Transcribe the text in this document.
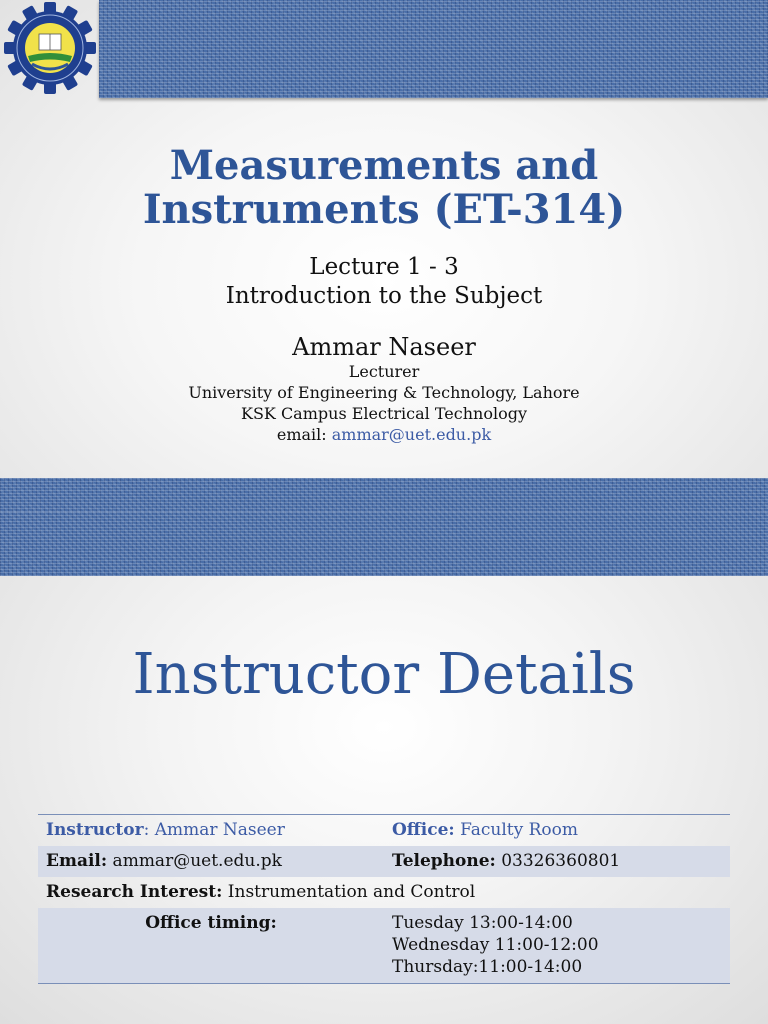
Measurements and
Instruments (ET-314)
Lecture 1 - 3
Introduction to the Subject
Ammar Naseer
Lecturer
University of Engineering & Technology, Lahore
KSK Campus Electrical Technology
email: ammar@uet.edu.pk
Instructor Details
Instructor: Ammar Naseer	Office: Faculty Room
Email: ammar@uet.edu.pk	Telephone: 03326360801
Research Interest: Instrumentation and Control	
Office timing:	Tuesday 13:00-14:00
Wednesday 11:00-12:00
Thursday:11:00-14:00
